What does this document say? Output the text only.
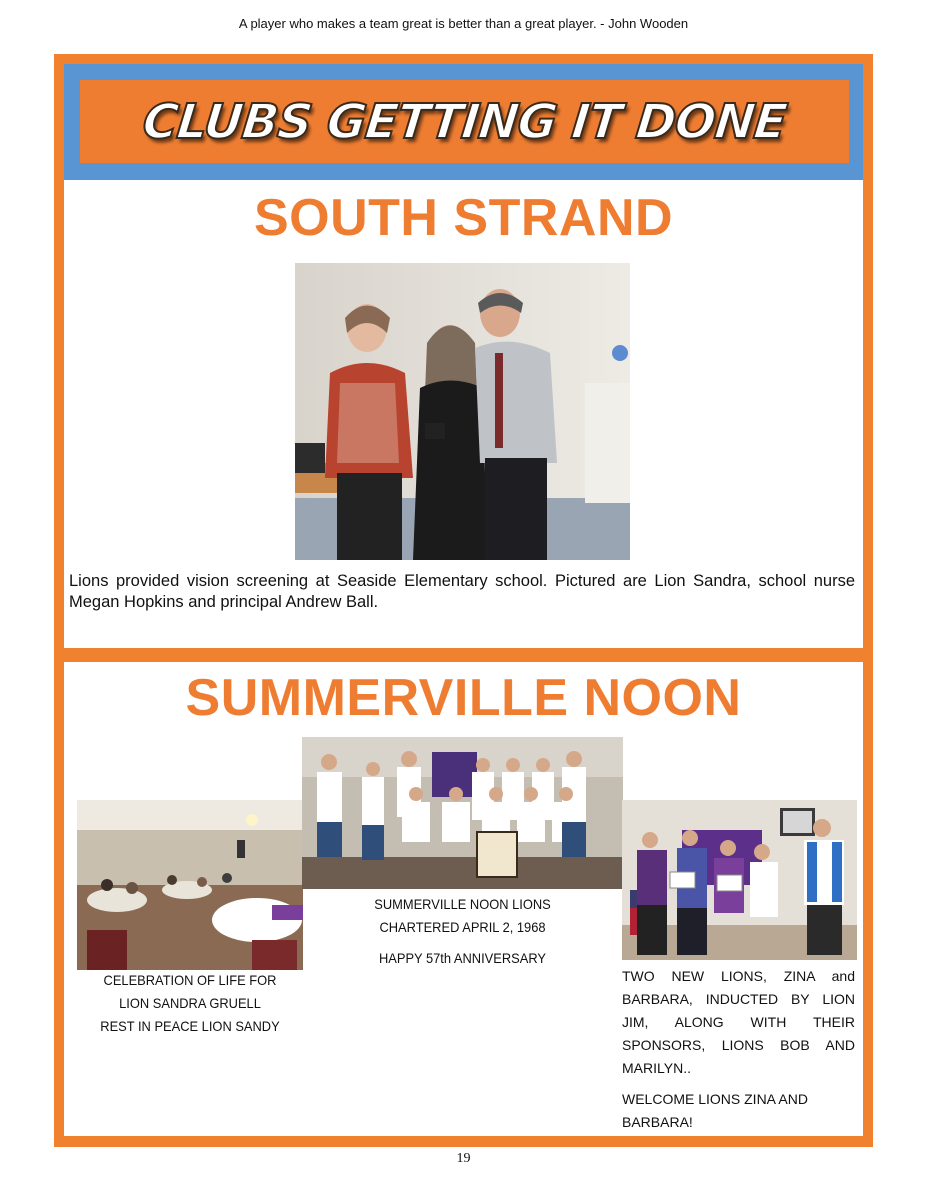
A player who makes a team great is better than a great player. - John Wooden
CLUBS GETTING IT DONE
SOUTH STRAND
Lions provided vision screening at Seaside Elementary school. Pictured are Lion Sandra, school nurse Megan Hopkins and principal Andrew Ball.
SUMMERVILLE NOON

CELEBRATION OF LIFE FOR

LION SANDRA GRUELL

REST IN PEACE LION SANDY

SUMMERVILLE NOON LIONS

CHARTERED APRIL 2, 1968

HAPPY 57th ANNIVERSARY

TWO NEW LIONS, ZINA and BARBARA, INDUCTED BY LION JIM, ALONG WITH THEIR SPONSORS, LIONS BOB AND MARILYN..

WELCOME LIONS ZINA AND BARBARA!

19
